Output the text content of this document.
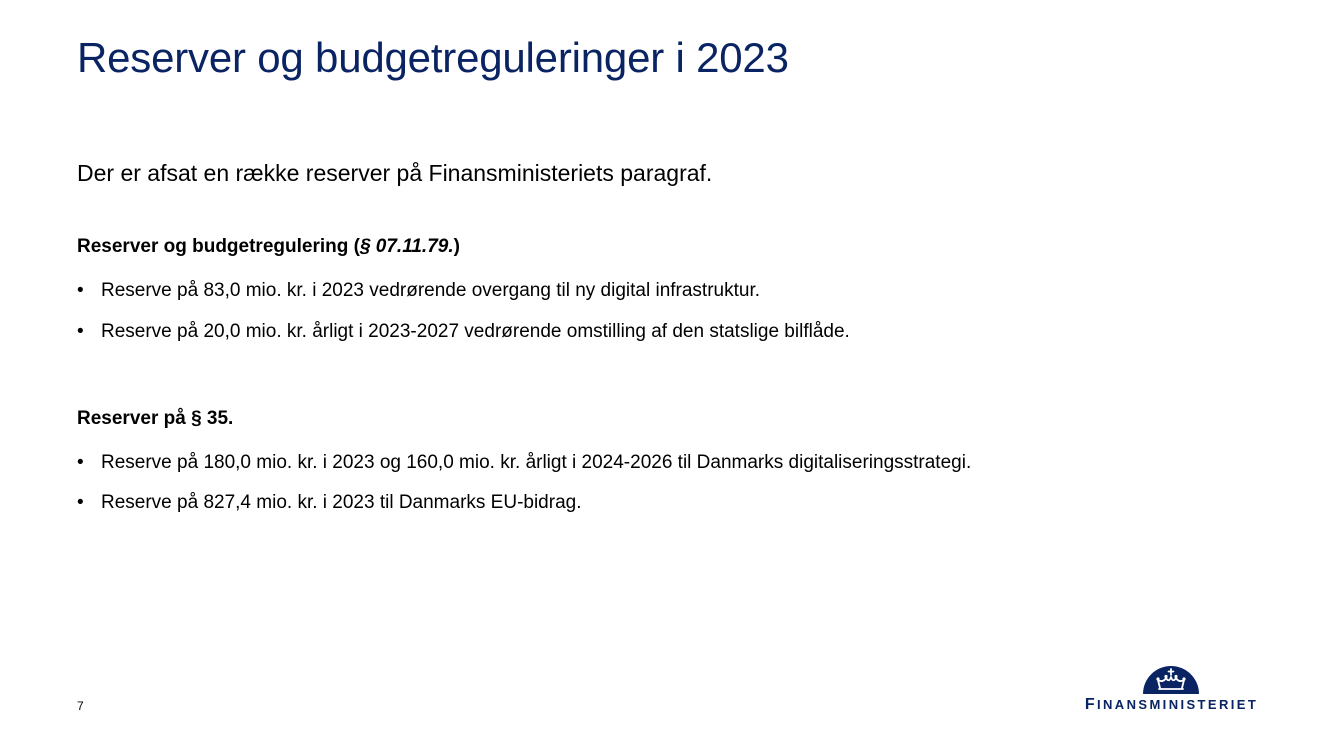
Reserver og budgetreguleringer i 2023
Der er afsat en række reserver på Finansministeriets paragraf.
Reserver og budgetregulering (§ 07.11.79.)
• Reserve på 83,0 mio. kr. i 2023 vedrørende overgang til ny digital infrastruktur.
• Reserve på 20,0 mio. kr. årligt i 2023-2027 vedrørende omstilling af den statslige bilflåde.
Reserver på § 35.
• Reserve på 180,0 mio. kr. i 2023 og 160,0 mio. kr. årligt i 2024-2026 til Danmarks digitaliseringsstrategi.
• Reserve på 827,4 mio. kr. i 2023 til Danmarks EU-bidrag.
7	FINANSMINISTERIET
